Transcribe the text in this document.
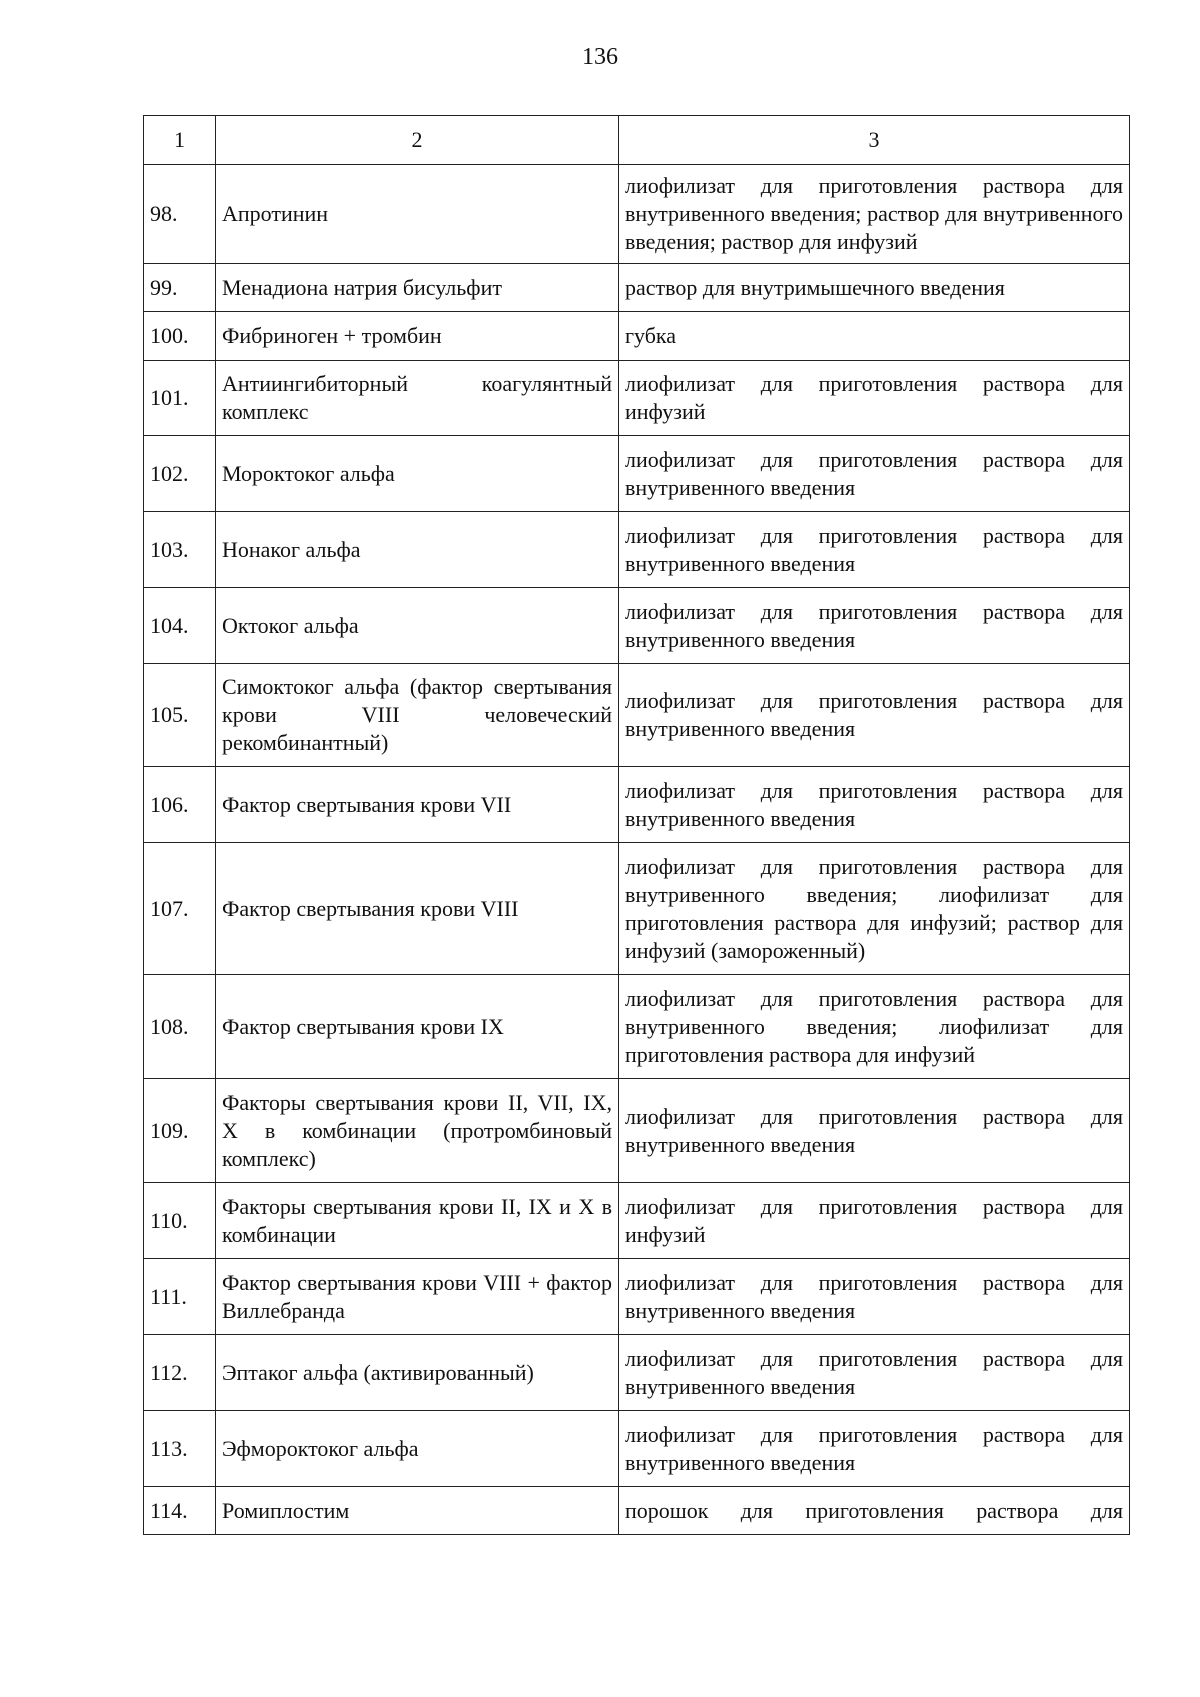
136
1	2	3
98.	Апротинин	лиофилизат для приготовления раствора для внутривенного введения; раствор для внутривенного введения; раствор для инфузий
99.	Менадиона натрия бисульфит	раствор для внутримышечного введения
100.	Фибриноген + тромбин	губка
101.	Антиингибиторный коагулянтный комплекс	лиофилизат для приготовления раствора для инфузий
102.	Мороктоког альфа	лиофилизат для приготовления раствора для внутривенного введения
103.	Нонаког альфа	лиофилизат для приготовления раствора для внутривенного введения
104.	Октоког альфа	лиофилизат для приготовления раствора для внутривенного введения
105.	Симоктоког альфа (фактор свертывания крови VIII человеческий рекомбинантный)	лиофилизат для приготовления раствора для внутривенного введения
106.	Фактор свертывания крови VII	лиофилизат для приготовления раствора для внутривенного введения
107.	Фактор свертывания крови VIII	лиофилизат для приготовления раствора для внутривенного введения; лиофилизат для приготовления раствора для инфузий; раствор для инфузий (замороженный)
108.	Фактор свертывания крови IX	лиофилизат для приготовления раствора для внутривенного введения; лиофилизат для приготовления раствора для инфузий
109.	Факторы свертывания крови II, VII, IX, X в комбинации (протромбиновый комплекс)	лиофилизат для приготовления раствора для внутривенного введения
110.	Факторы свертывания крови II, IX и X в комбинации	лиофилизат для приготовления раствора для инфузий
111.	Фактор свертывания крови VIII + фактор Виллебранда	лиофилизат для приготовления раствора для внутривенного введения
112.	Эптаког альфа (активированный)	лиофилизат для приготовления раствора для внутривенного введения
113.	Эфмороктоког альфа	лиофилизат для приготовления раствора для внутривенного введения
114.	Ромиплостим	порошок для приготовления раствора для
